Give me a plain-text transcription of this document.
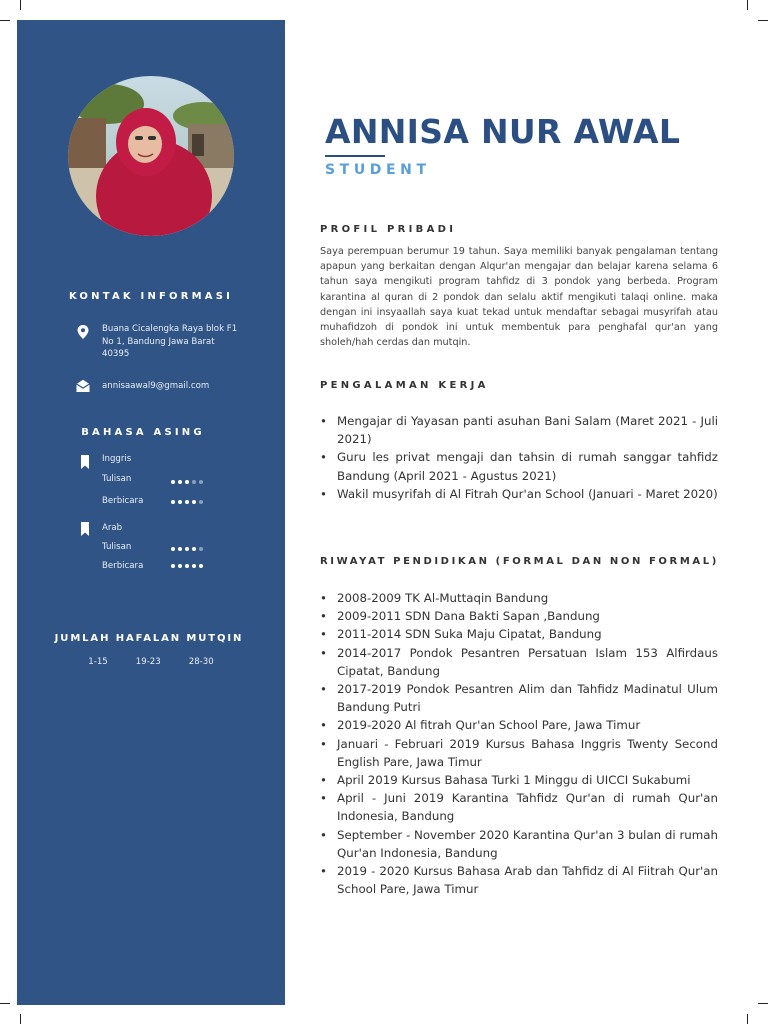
KONTAK INFORMASI
Buana Cicalengka Raya blok F1
No 1, Bandung Jawa Barat
40395
annisaawal9@gmail.com
BAHASA ASING
Inggris
Tulisan
Berbicara
Arab
Tulisan
Berbicara
JUMLAH HAFALAN MUTQIN
1-15	19-23	28-30
ANNISA NUR AWAL
STUDENT
PROFIL PRIBADI
Saya perempuan berumur 19 tahun. Saya memiliki banyak pengalaman tentang apapun yang berkaitan dengan Alqur'an mengajar dan belajar karena selama 6 tahun saya mengikuti program tahfidz di 3 pondok yang berbeda. Program karantina al quran di 2 pondok dan selalu aktif mengikuti talaqi online. maka dengan ini insyaallah saya kuat tekad untuk mendaftar sebagai musyrifah atau muhafidzoh di pondok ini untuk membentuk para penghafal qur'an yang sholeh/hah cerdas dan mutqin.
PENGALAMAN KERJA
• Mengajar di Yayasan panti asuhan Bani Salam (Maret 2021 - Juli 2021)
• Guru les privat mengaji dan tahsin di rumah sanggar tahfidz Bandung (April 2021 - Agustus 2021)
• Wakil musyrifah di Al Fitrah Qur'an School (Januari - Maret 2020)
RIWAYAT PENDIDIKAN (FORMAL DAN NON FORMAL)
• 2008-2009 TK Al-Muttaqin Bandung
• 2009-2011 SDN Dana Bakti Sapan ,Bandung
• 2011-2014 SDN Suka Maju Cipatat, Bandung
• 2014-2017 Pondok Pesantren Persatuan Islam 153 Alfirdaus Cipatat, Bandung
• 2017-2019 Pondok Pesantren Alim dan Tahfidz Madinatul Ulum Bandung Putri
• 2019-2020 Al fitrah Qur'an School Pare, Jawa Timur
• Januari - Februari 2019 Kursus Bahasa Inggris Twenty Second English Pare, Jawa Timur
• April 2019 Kursus Bahasa Turki 1 Minggu di UICCI Sukabumi
• April - Juni 2019 Karantina Tahfidz Qur'an di rumah Qur'an Indonesia, Bandung
• September - November 2020 Karantina Qur'an 3 bulan di rumah Qur'an Indonesia, Bandung
• 2019 - 2020 Kursus Bahasa Arab dan Tahfidz di Al Fiitrah Qur'an School Pare, Jawa Timur
